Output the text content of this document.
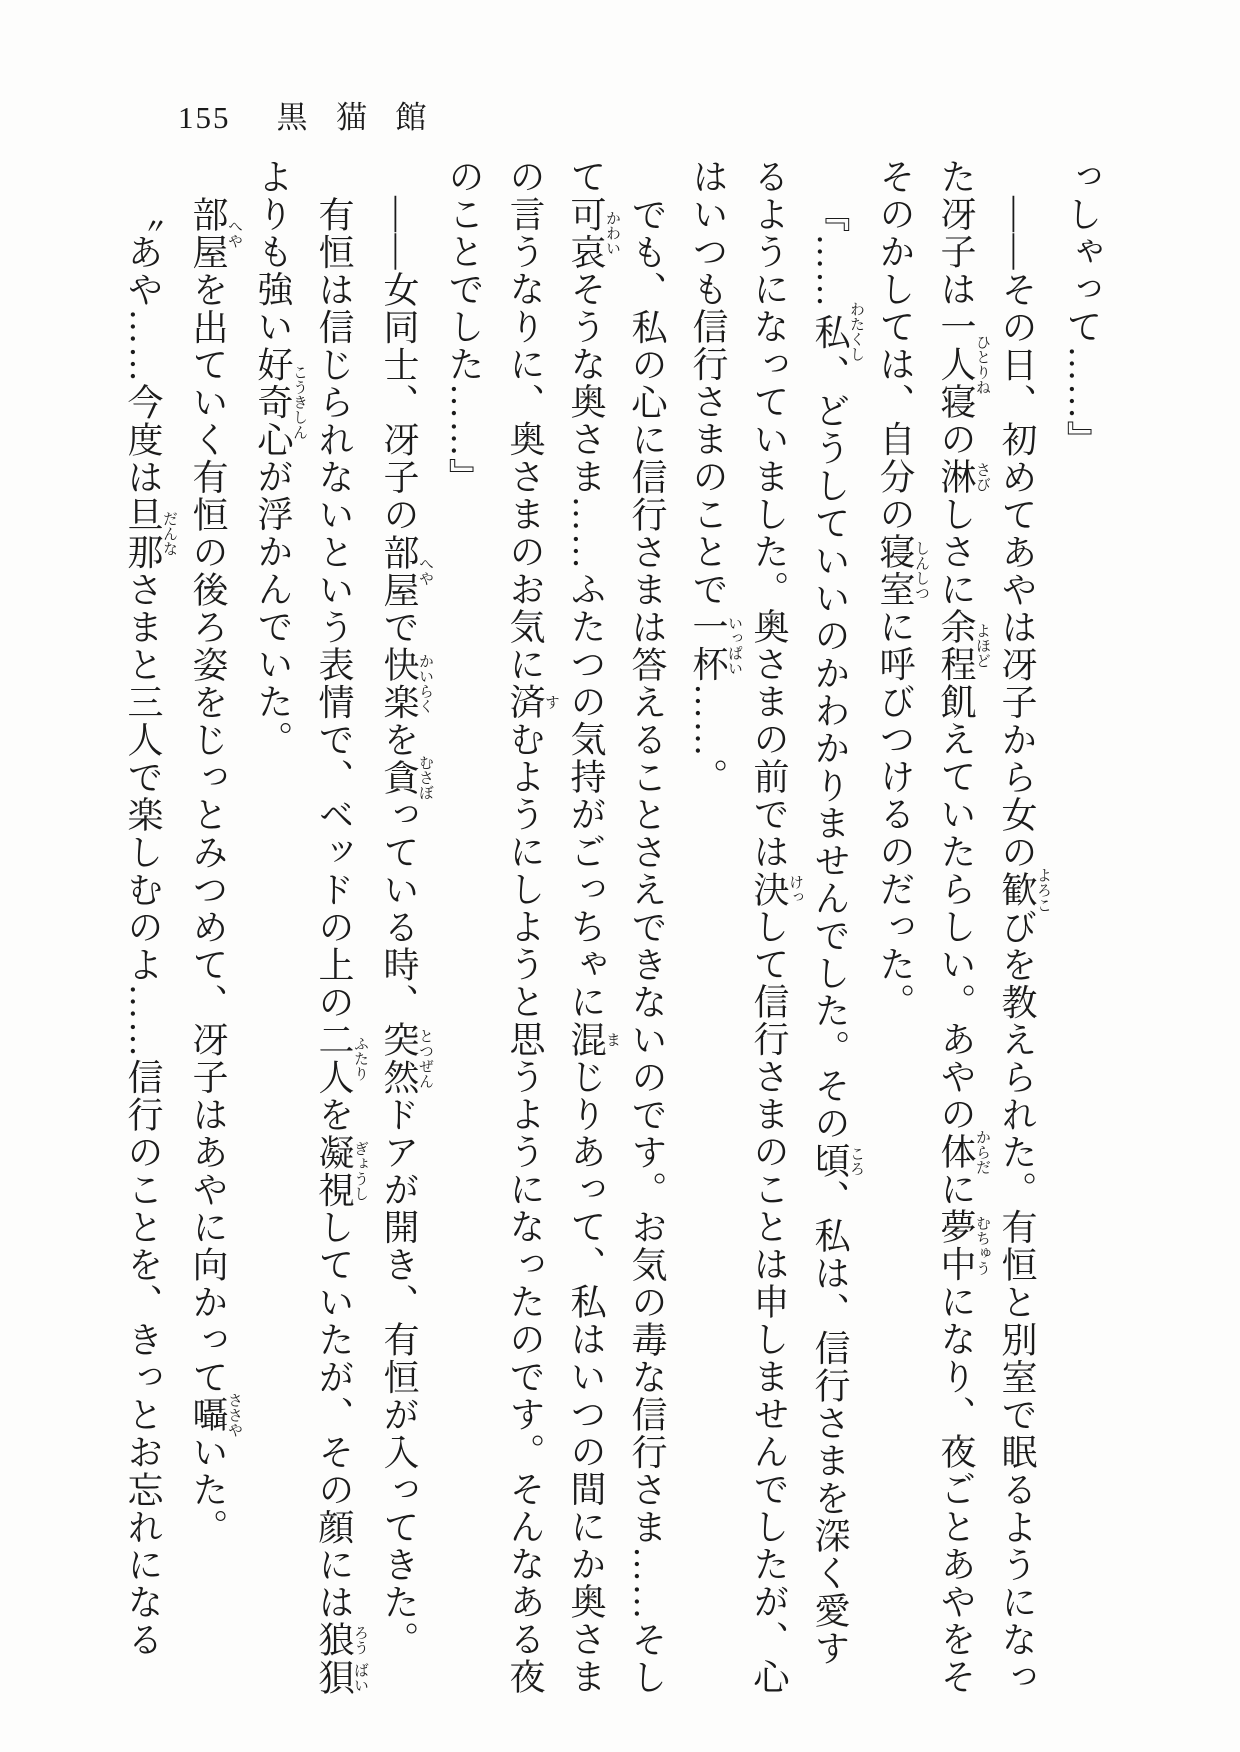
155 黒猫館

っしゃって……』

――その日、初めてあやは冴子から女の歓よろこびを教えられた。有恒と別室で眠るようになった冴子は一人寝ひとりねの淋さびしさに余程よほど飢えていたらしい。あやの体からだに夢中むちゅうになり、夜ごとあやをそそのかしては、自分の寝室しんしつに呼びつけるのだった。

『……私わたくし、どうしていいのかわかりませんでした。その頃ころ、私は、信行さまを深く愛するようになっていました。奥さまの前では決けっして信行さまのことは申しませんでしたが、心はいつも信行さまのことで一杯いっぱい……。

でも、私の心に信行さまは答えることさえできないのです。お気の毒な信行さま……そして可哀かわいそうな奥さま……ふたつの気持がごっちゃに混まじりあって、私はいつの間にか奥さまの言うなりに、奥さまのお気に済すむようにしようと思うようになったのです。そんなある夜のことでした……』

――女同士、冴子の部屋へやで快楽かいらくを貪むさぼっている時、突然とつぜんドアが開き、有恒が入ってきた。

有恒は信じられないという表情で、ベッドの上の二人ふたりを凝視ぎょうししていたが、その顔には狼ろう狽ばいよりも強い好奇心こうきしんが浮かんでいた。

部屋へやを出ていく有恒の後ろ姿をじっとみつめて、冴子はあやに向かって囁ささやいた。

〝あや……今度は旦那だんなさまと三人で楽しむのよ……信行のことを、きっとお忘れになる
